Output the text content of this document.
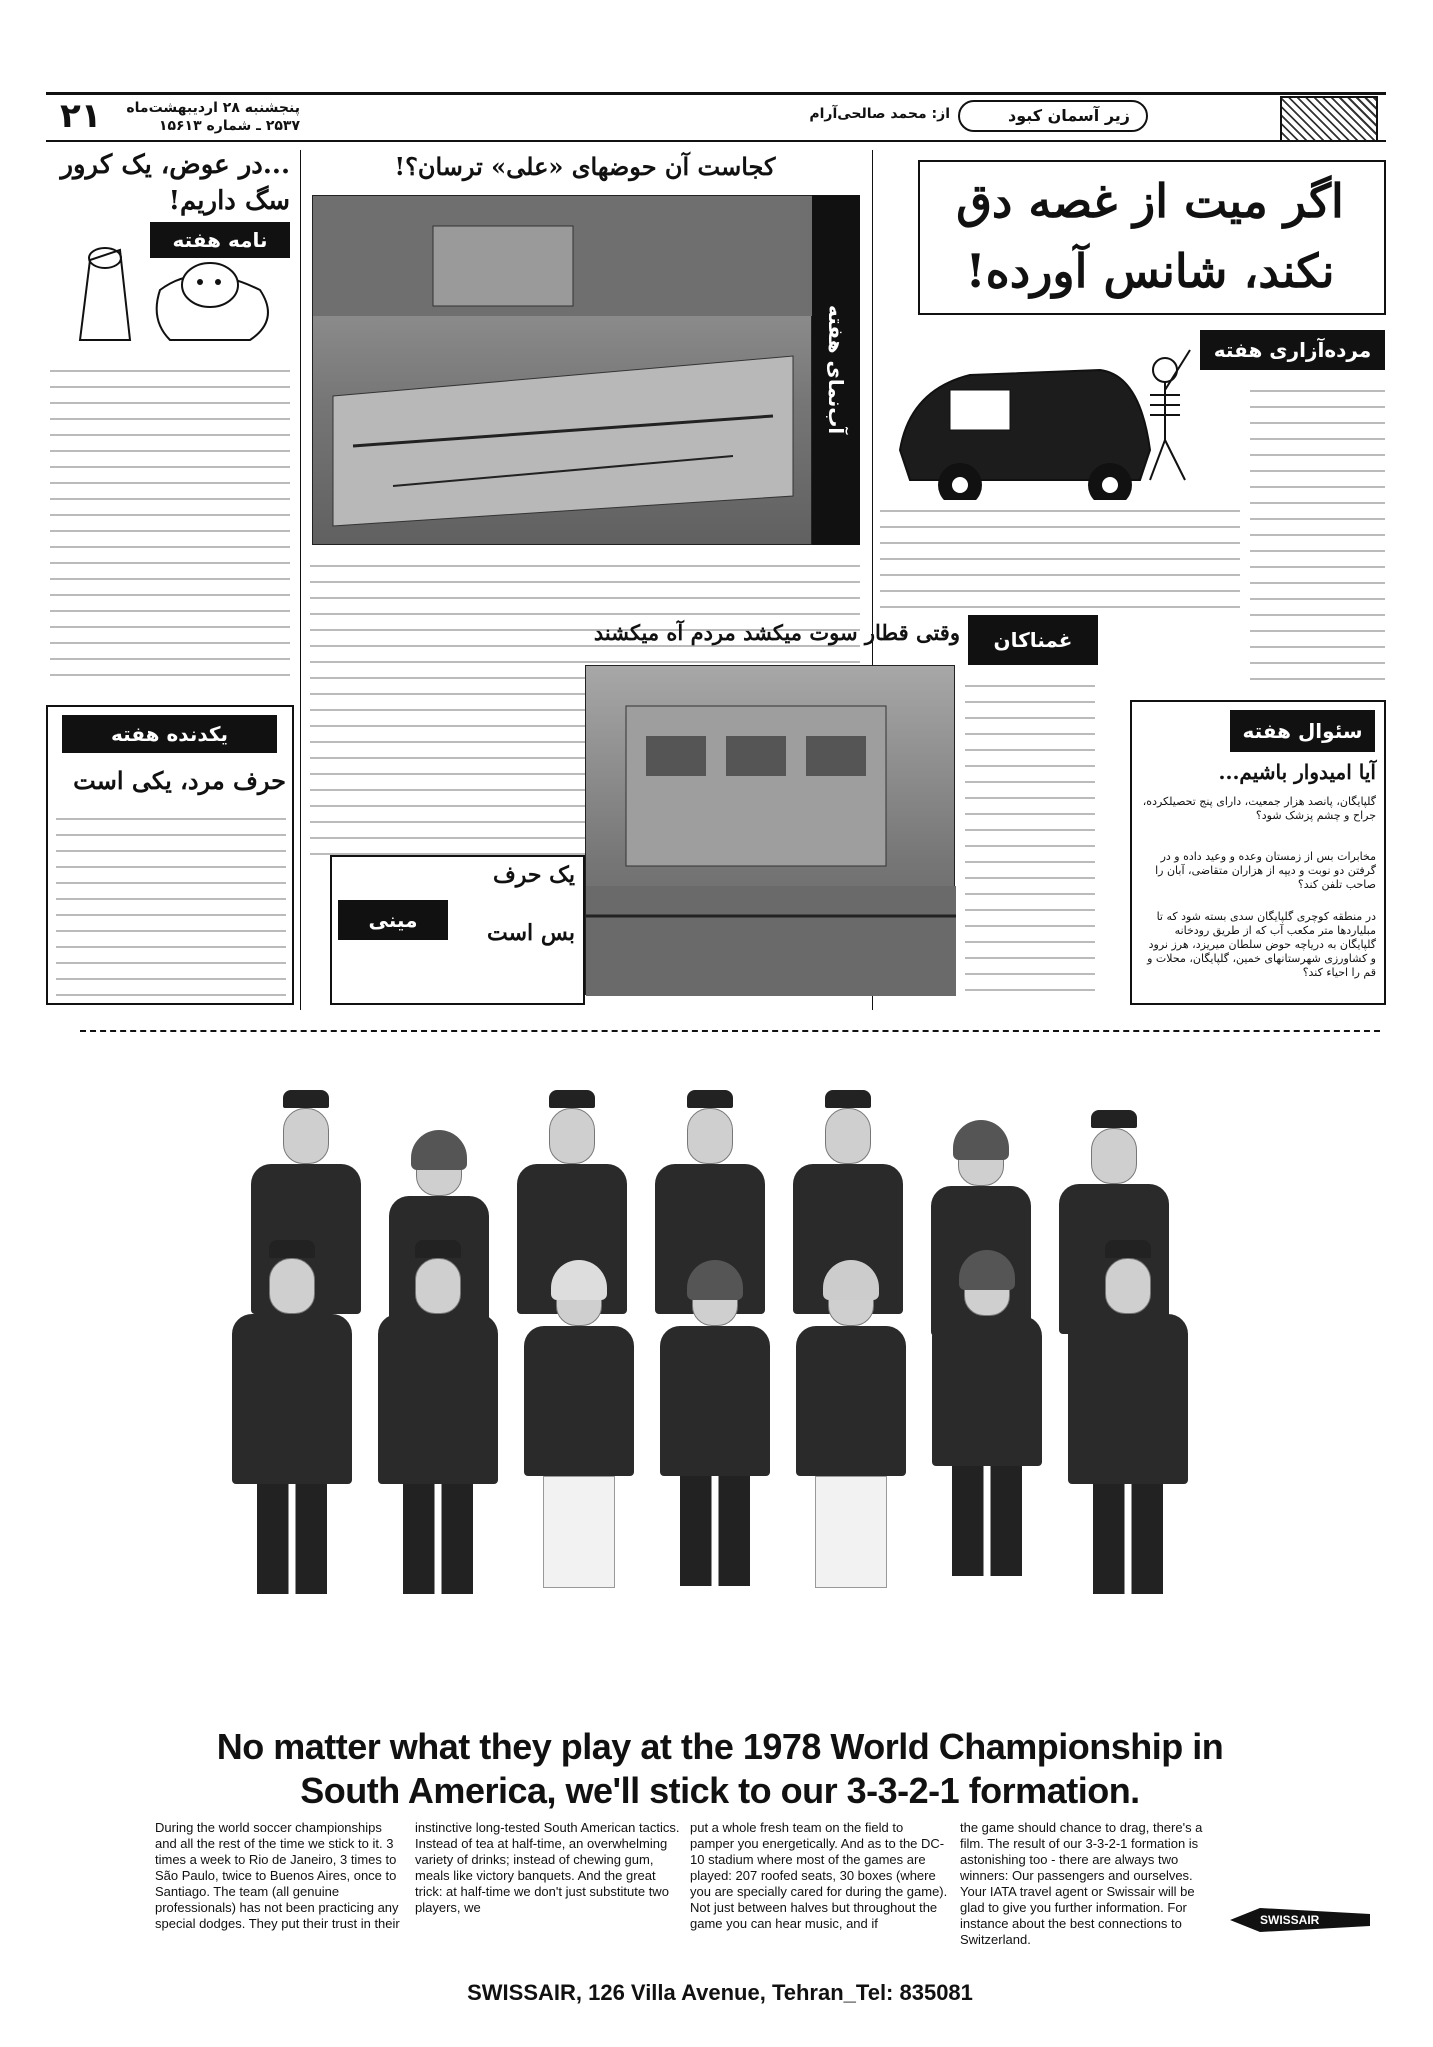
۲۱	پنجشنبه ۲۸ اردیبهشت‌ماه
۲۵۳۷ ـ شماره ۱۵۶۱۳
از: محمد صالحی‌آرام	زیر آسمان کبود
...در عوض، یک کرور
سگ داریم!
نامه هفته
یکدنده هفته
حرف مرد، یکی است
کجاست آن حوضهای «علی» ترسان؟!
آب‌نمای هفته
مینی مطلب
یک حرف
بس است
اگر میت از غصه دق
نکند، شانس آورده!
مرده‌آزاری هفته
غمناکان
وقتی قطار سوت میکشد مردم آه میکشند
سئوال هفته
آیا امیدوار باشیم...
گلپایگان، پانصد هزار جمعیت، دارای پنج تحصیلکرده، جراح و چشم پزشک شود؟
مخابرات بس از زمستان وعده و وعید داده و در گرفتن دو نوبت و دیپه از هزاران متقاضی، آبان را صاحب تلفن کند؟
در منطقه کوچری گلپایگان سدی بسته شود که تا مبلیاردها متر مکعب آب که از طریق رودخانه گلپایگان به دریاچه حوض سلطان میریزد، هرز نرود و کشاورزی شهرستانهای خمین، گلپایگان، محلات و قم را احیاء کند؟
No matter what they play at the 1978 World Championship in
South America, we'll stick to our 3-3-2-1 formation.
During the world soccer championships and all the rest of the time we stick to it. 3 times a week to Rio de Janeiro, 3 times to São Paulo, twice to Buenos Aires, once to Santiago. The team (all genuine professionals) has not been practicing any special dodges. They put their trust in their
instinctive long-tested South American tactics. Instead of tea at half-time, an overwhelming variety of drinks; instead of chewing gum, meals like victory banquets. And the great trick: at half-time we don't just substitute two players, we
put a whole fresh team on the field to pamper you energetically. And as to the DC-10 stadium where most of the games are played: 207 roofed seats, 30 boxes (where you are specially cared for during the game). Not just between halves but throughout the game you can hear music, and if
the game should chance to drag, there's a film. The result of our 3-3-2-1 formation is astonishing too - there are always two winners: Our passengers and ourselves. Your IATA travel agent or Swissair will be glad to give you further information. For instance about the best connections to Switzerland.
SWISSAIR
SWISSAIR, 126 Villa Avenue, Tehran_Tel: 835081
